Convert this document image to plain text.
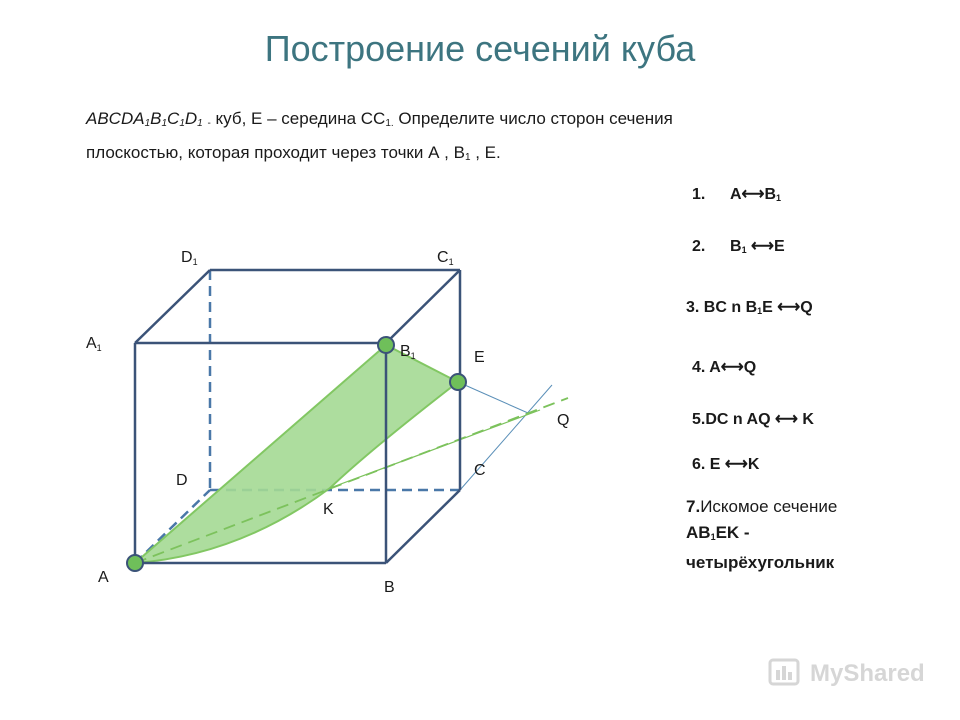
Построение сечений куба
$ABCDA_1B_1C_1D_1$ $_-$ куб, E – середина $СС_{1.}$ Определите число сторон сечения
плоскостью, которая проходит через точки А , $В_1$ , Е.
D1	C1
A1	B1	E
Q
D
C
K
A
B
1. $A⟷B_1$
2. $B_1$ ⟷E
3. BC n $B_1E$ ⟷Q
4. A⟷Q
5.DC n AQ ⟷ K
6. E ⟷K
7.Искомое сечение
$AB_1EK$ -
четырёхугольник
MyShared
